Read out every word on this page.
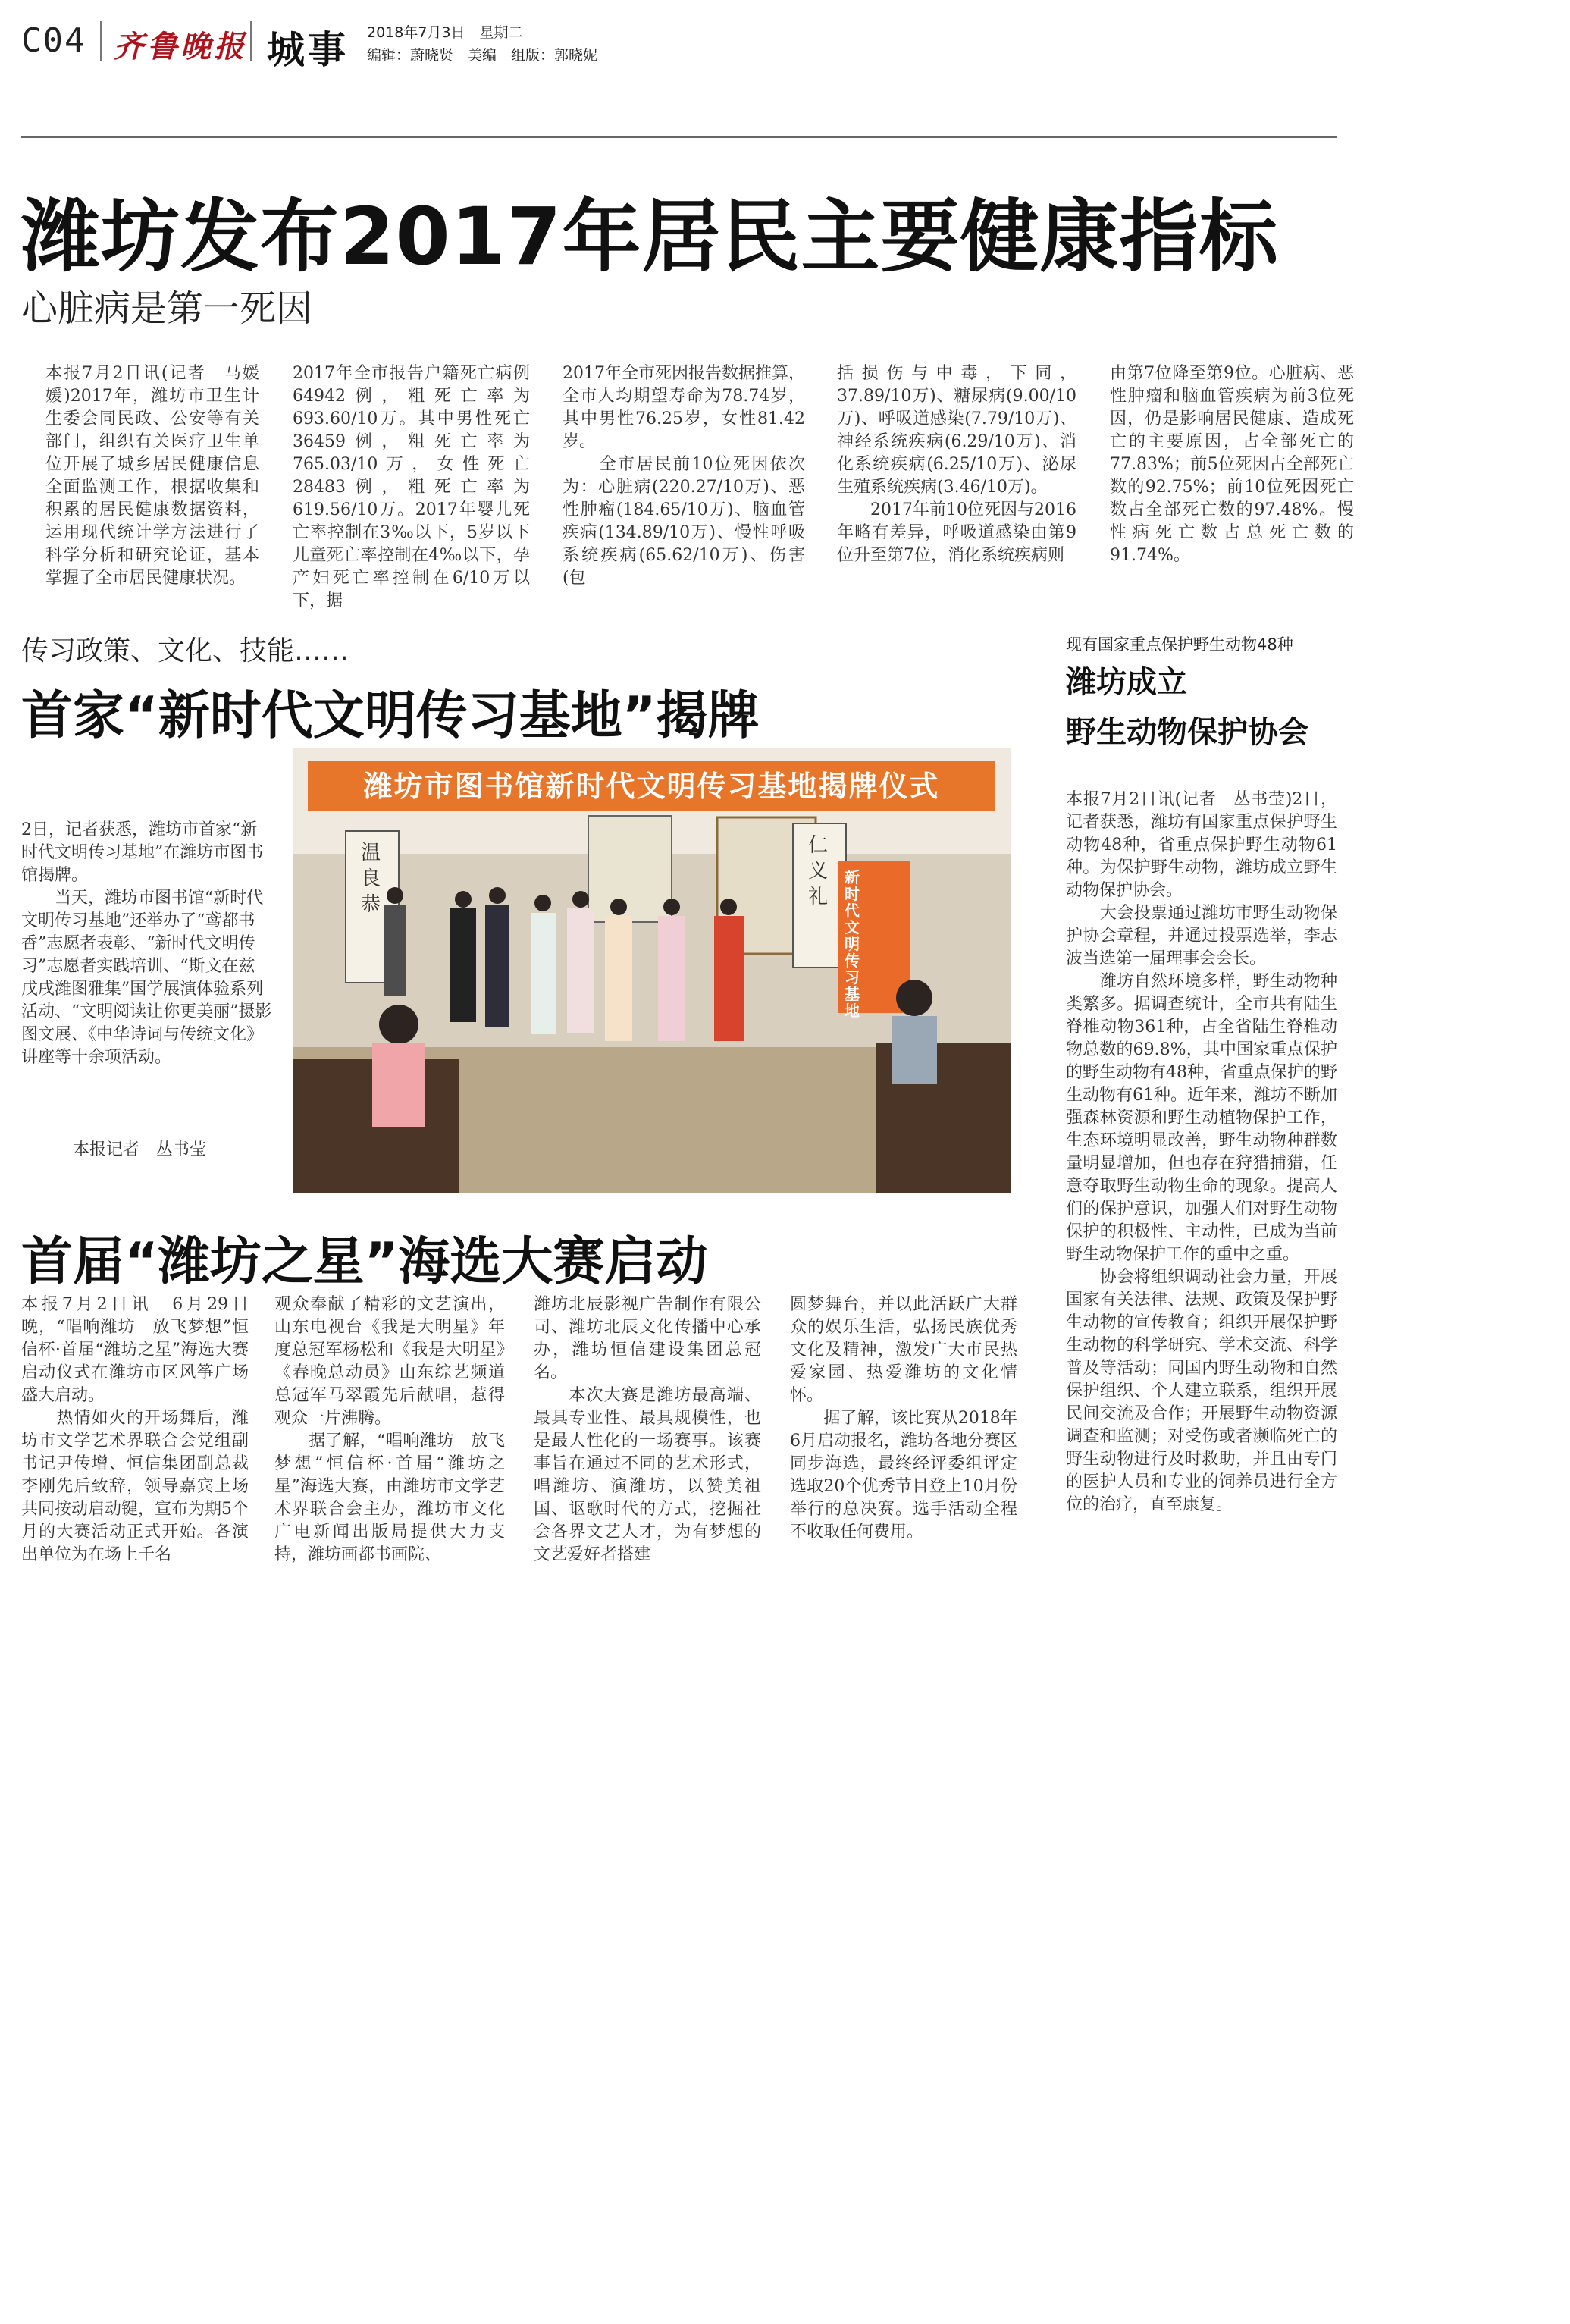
C04 齐鲁晚报 城事 2018年7月3日　星期二
编辑：蔚晓贤　美编　组版：郭晓妮
潍坊发布2017年居民主要健康指标
心脏病是第一死因

本报7月2日讯(记者　马媛媛)2017年，潍坊市卫生计生委会同民政、公安等有关部门，组织有关医疗卫生单位开展了城乡居民健康信息全面监测工作，根据收集和积累的居民健康数据资料，运用现代统计学方法进行了科学分析和研究论证，基本掌握了全市居民健康状况。

2017年全市报告户籍死亡病例64942例，粗死亡率为693.60/10万。其中男性死亡36459例，粗死亡率为765.03/10万，女性死亡28483例，粗死亡率为619.56/10万。2017年婴儿死亡率控制在3‰以下，5岁以下儿童死亡率控制在4‰以下，孕产妇死亡率控制在6/10万以下，据

2017年全市死因报告数据推算，全市人均期望寿命为78.74岁，其中男性76.25岁，女性81.42岁。
　　全市居民前10位死因依次为：心脏病(220.27/10万)、恶性肿瘤(184.65/10万)、脑血管疾病(134.89/10万)、慢性呼吸系统疾病(65.62/10万)、伤害(包

括损伤与中毒，下同，37.89/10万)、糖尿病(9.00/10万)、呼吸道感染(7.79/10万)、神经系统疾病(6.29/10万)、消化系统疾病(6.25/10万)、泌尿生殖系统疾病(3.46/10万)。
　　2017年前10位死因与2016年略有差异，呼吸道感染由第9位升至第7位，消化系统疾病则

由第7位降至第9位。心脏病、恶性肿瘤和脑血管疾病为前3位死因，仍是影响居民健康、造成死亡的主要原因，占全部死亡的77.83%；前5位死因占全部死亡数的92.75%；前10位死因死亡数占全部死亡数的97.48%。慢性病死亡数占总死亡数的91.74%。

传习政策、文化、技能……
首家“新时代文明传习基地”揭牌

2日，记者获悉，潍坊市首家“新时代文明传习基地”在潍坊市图书馆揭牌。
　　当天，潍坊市图书馆“新时代文明传习基地”还举办了“鸢都书香”志愿者表彰、“新时代文明传习”志愿者实践培训、“斯文在兹　戊戌潍图雅集”国学展演体验系列活动、“文明阅读让你更美丽”摄影图文展、《中华诗词与传统文化》讲座等十余项活动。

本报记者　丛书莹
潍坊市图书馆新时代文明传习基地揭牌仪式
新时代文明传习基地
温良恭
仁义礼
首届“潍坊之星”海选大赛启动

本报7月2日讯　6月29日晚，“唱响潍坊　放飞梦想”恒信杯·首届“潍坊之星”海选大赛启动仪式在潍坊市区风筝广场盛大启动。
　　热情如火的开场舞后，潍坊市文学艺术界联合会党组副书记尹传增、恒信集团副总裁李刚先后致辞，领导嘉宾上场共同按动启动键，宣布为期5个月的大赛活动正式开始。各演出单位为在场上千名

观众奉献了精彩的文艺演出，山东电视台《我是大明星》年度总冠军杨松和《我是大明星》《春晚总动员》山东综艺频道总冠军马翠霞先后献唱，惹得观众一片沸腾。
　　据了解，“唱响潍坊　放飞梦想”恒信杯·首届“潍坊之星”海选大赛，由潍坊市文学艺术界联合会主办，潍坊市文化广电新闻出版局提供大力支持，潍坊画都书画院、

潍坊北辰影视广告制作有限公司、潍坊北辰文化传播中心承办，潍坊恒信建设集团总冠名。
　　本次大赛是潍坊最高端、最具专业性、最具规模性，也是最人性化的一场赛事。该赛事旨在通过不同的艺术形式，唱潍坊、演潍坊，以赞美祖国、讴歌时代的方式，挖掘社会各界文艺人才，为有梦想的文艺爱好者搭建

圆梦舞台，并以此活跃广大群众的娱乐生活，弘扬民族优秀文化及精神，激发广大市民热爱家园、热爱潍坊的文化情怀。
　　据了解，该比赛从2018年6月启动报名，潍坊各地分赛区同步海选，最终经评委组评定选取20个优秀节目登上10月份举行的总决赛。选手活动全程不收取任何费用。

现有国家重点保护野生动物48种
潍坊成立
野生动物保护协会

本报7月2日讯(记者　丛书莹)2日，记者获悉，潍坊有国家重点保护野生动物48种，省重点保护野生动物61种。为保护野生动物，潍坊成立野生动物保护协会。
　　大会投票通过潍坊市野生动物保护协会章程，并通过投票选举，李志波当选第一届理事会会长。
　　潍坊自然环境多样，野生动物种类繁多。据调查统计，全市共有陆生脊椎动物361种，占全省陆生脊椎动物总数的69.8%，其中国家重点保护的野生动物有48种，省重点保护的野生动物有61种。近年来，潍坊不断加强森林资源和野生动植物保护工作，生态环境明显改善，野生动物种群数量明显增加，但也存在狩猎捕猎，任意夺取野生动物生命的现象。提高人们的保护意识，加强人们对野生动物保护的积极性、主动性，已成为当前野生动物保护工作的重中之重。
　　协会将组织调动社会力量，开展国家有关法律、法规、政策及保护野生动物的宣传教育；组织开展保护野生动物的科学研究、学术交流、科学普及等活动；同国内野生动物和自然保护组织、个人建立联系，组织开展民间交流及合作；开展野生动物资源调查和监测；对受伤或者濒临死亡的野生动物进行及时救助，并且由专门的医护人员和专业的饲养员进行全方位的治疗，直至康复。
